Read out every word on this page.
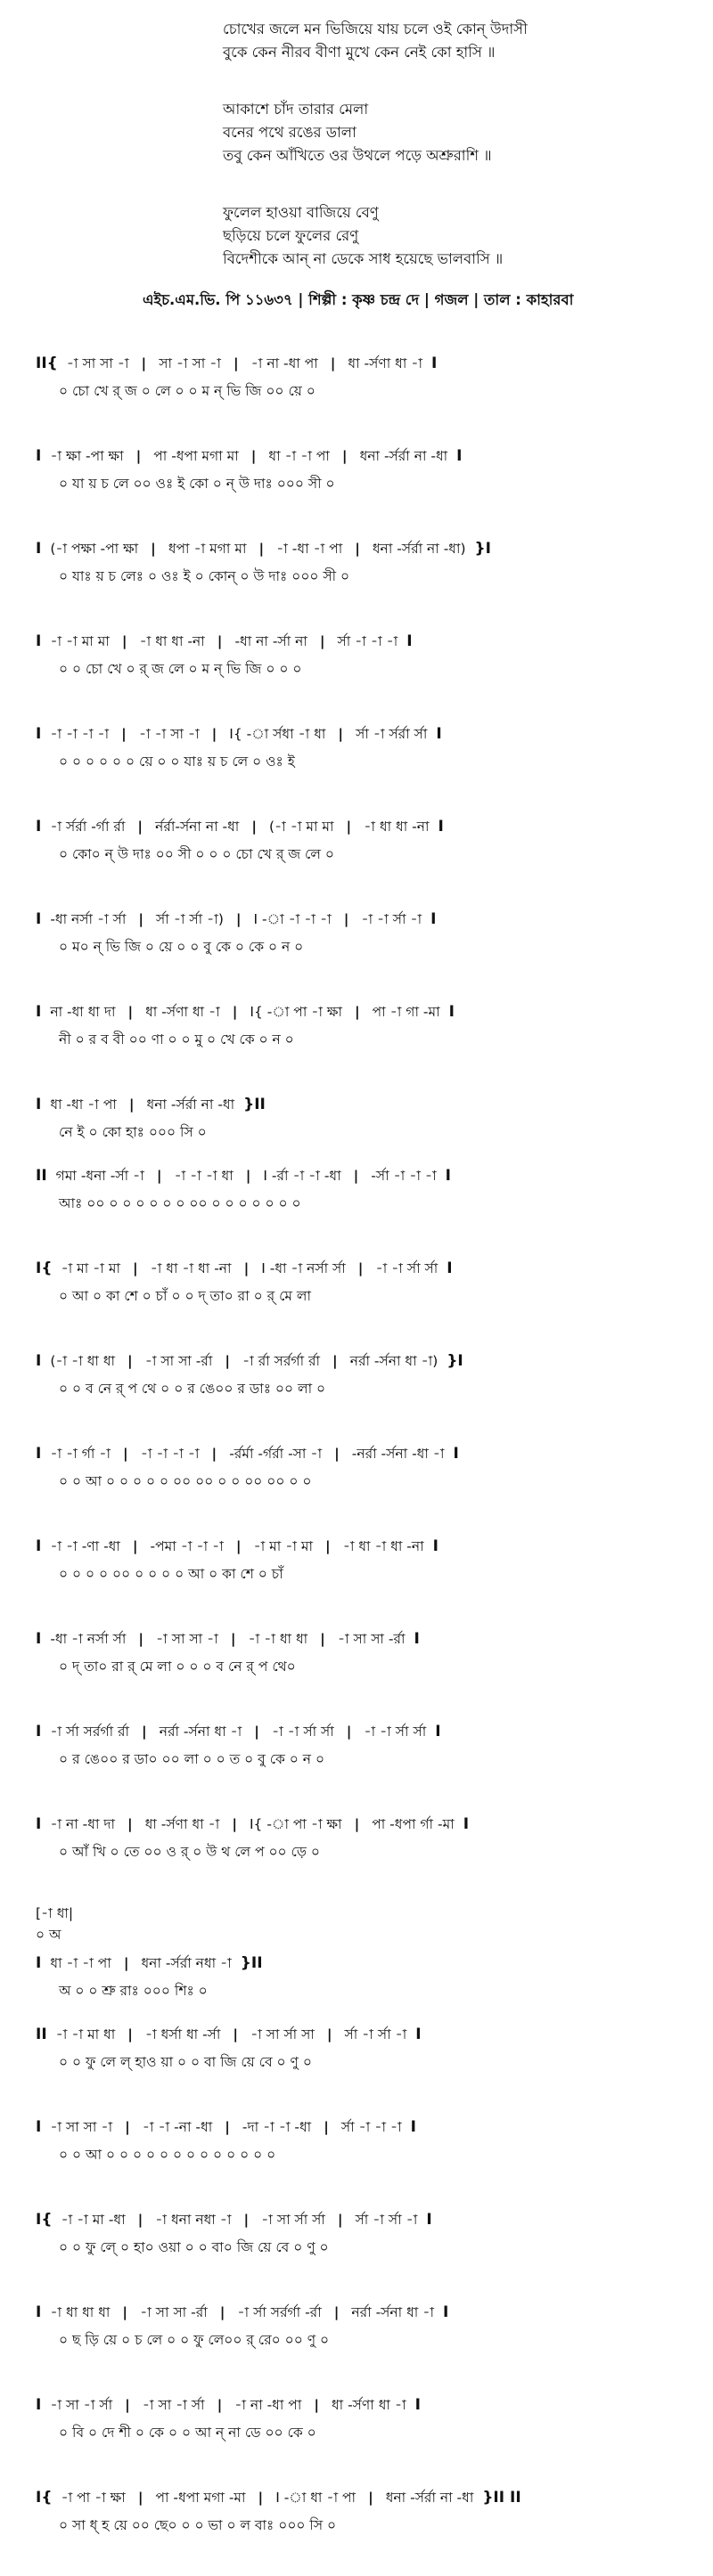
চোখের জলে মন ভিজিয়ে যায় চলে ওই কোন্‌ উদাসী
বুকে কেন নীরব বীণা মুখে কেন নেই কো হাসি ॥
আকাশে চাঁদ তারার মেলা
বনের পথে রঙের ডালা
তবু কেন আঁখিতে ওর উথলে পড়ে অশ্রুরাশি ॥
ফুলেল হাওয়া বাজিয়ে বেণু
ছড়িয়ে চলে ফুলের রেণু
বিদেশীকে আন্‌ না ডেকে সাধ হয়েছে ভালবাসি ॥
এইচ.এম.ভি. পি ১১৬৩৭ | শিল্পী : কৃষ্ণ চন্দ্র দে | গজল | তাল : কাহারবা
II{ -া সা সা -া | সা -া সা -া | -া না -ধা পা | ধা -র্সণা ধা -া I
০ চো খে র্ জ ০ লে ০ ০ ম ন্ ভি জি ০০ য়ে ০
I -া ক্ষা -পা ক্ষা | পা -ধপা মগা মা | ধা -া -া পা | ধনা -র্সর্রা না -ধা I
০ যা য় চ লে ০০ ওঃ ই কো ০ ন্ উ দাঃ ০০০ সী ০
I (-া পক্ষা -পা ক্ষা | ধপা -া মগা মা | -া -ধা -া পা | ধনা -র্সর্রা না -ধা) }I
০ যাঃ য় চ লেঃ ০ ওঃ ই ০ কোন্ ০ উ দাঃ ০০০ সী ০
I -া -া মা মা | -া ধা ধা -না | -ধা না -র্সা না | র্সা -া -া -া I
০ ০ চো খে ০ র্ জ লে ০ ম ন্ ভি জি ০ ০ ০
I -া -া -া -া | -া -া সা -া | I{ -া র্সধা -া ধা | র্সা -া র্সর্রা র্সা I
০ ০ ০ ০ ০ ০ য়ে ০ ০ যাঃ য় চ লে ০ ওঃ ই
I -া র্সর্রা -র্গা র্রা | র্নর্রা-র্সনা না -ধা | (-া -া মা মা | -া ধা ধা -না I
০ কো০ ন্ উ দাঃ ০০ সী ০ ০ ০ চো খে র্ জ লে ০
I -ধা নর্সা -া র্সা | র্সা -া র্সা -া) | I -া -া -া -া | -া -া র্সা -া I
০ ম০ ন্ ভি জি ০ য়ে ০ ০ বু কে ০ কে ০ ন ০
I না -ধা ধা দা | ধা -র্সণা ধা -া | I{ -া পা -া ক্ষা | পা -া গা -মা I
নী ০ র ব বী ০০ ণা ০ ০ মু ০ খে কে ০ ন ০
I ধা -ধা -া পা | ধনা -র্সর্রা না -ধা }II
নে ই ০ কো হাঃ ০০০ সি ০
II গমা -ধনা -র্সা -া | -া -া -া ধা | I -র্রা -া -া -ধা | -র্সা -া -া -া I
আঃ ০০ ০ ০ ০ ০ ০ ০ ০০ ০ ০ ০ ০ ০ ০ ০
I{ -া মা -া মা | -া ধা -া ধা -না | I -ধা -া নর্সা র্সা | -া -া র্সা র্সা I
০ আ ০ কা শে ০ চাঁ ০ ০ দ্ তা০ রা ০ র্ মে লা
I (-া -া ধা ধা | -া সা সা -র্রা | -া র্রা সর্রর্গা র্রা | নর্রা -র্সনা ধা -া) }I
০ ০ ব নে র্ প থে ০ ০ র ঙে০০ র ডাঃ ০০ লা ০
I -া -া র্গা -া | -া -া -া -া | -র্রর্মা -র্গর্রা -সা -া | -নর্রা -র্সনা -ধা -া I
০ ০ আ ০ ০ ০ ০ ০ ০০ ০০ ০ ০ ০০ ০০ ০ ০
I -া -া -ণা -ধা | -পমা -া -া -া | -া মা -া মা | -া ধা -া ধা -না I
০ ০ ০ ০ ০০ ০ ০ ০ ০ আ ০ কা শে ০ চাঁ
I -ধা -া নর্সা র্সা | -া সা সা -া | -া -া ধা ধা | -া সা সা -র্রা I
০ দ্ তা০ রা র্ মে লা ০ ০ ০ ব নে র্ প থে০
I -া র্সা সর্রর্গা র্রা | নর্রা -র্সনা ধা -া | -া -া র্সা র্সা | -া -া র্সা র্সা I
০ র ঙে০০ র ডা০ ০০ লা ০ ০ ত ০ বু কে ০ ন ০
I -া না -ধা দা | ধা -র্সণা ধা -া | I{ -া পা -া ক্ষা | পা -ধপা র্গা -মা I
০ আঁ খি ০ তে ০০ ও র্ ০ উ থ লে প ০০ ড়ে ০
[-া ধা|
০ অ
I ধা -া -া পা | ধনা -র্সর্রা নধা -া }II
অ ০ ০ শ্রু রাঃ ০০০ শিঃ ০
II -া -া মা ধা | -া ধর্সা ধা -র্সা | -া সা র্সা সা | র্সা -া র্সা -া I
০ ০ ফু লে ল্ হাও য়া ০ ০ বা জি য়ে বে ০ ণু ০
I -া সা সা -া | -া -া -না -ধা | -দা -া -া -ধা | র্সা -া -া -া I
০ ০ আ ০ ০ ০ ০ ০ ০ ০ ০ ০ ০ ০ ০ ০
I{ -া -া মা -ধা | -া ধনা নধা -া | -া সা র্সা র্সা | র্সা -া র্সা -া I
০ ০ ফু লে্ ০ হা০ ওয়া ০ ০ বা০ জি য়ে বে ০ ণু ০
I -া ধা ধা ধা | -া সা সা -র্রা | -া র্সা সর্রর্গা -র্রা | নর্রা -র্সনা ধা -া I
০ ছ ড়ি য়ে ০ চ লে ০ ০ ফু লে০০ র্ রে০ ০০ ণু ০
I -া সা -া র্সা | -া সা -া র্সা | -া না -ধা পা | ধা -র্সণা ধা -া I
০ বি ০ দে শী ০ কে ০ ০ আ ন্ না ডে ০০ কে ০
I{ -া পা -া ক্ষা | পা -ধপা মগা -মা | I -া ধা -া পা | ধনা -র্সর্রা না -ধা }II II
০ সা ধ্ হ য়ে ০০ ছে০ ০ ০ ভা ০ ল বাঃ ০০০ সি ০
